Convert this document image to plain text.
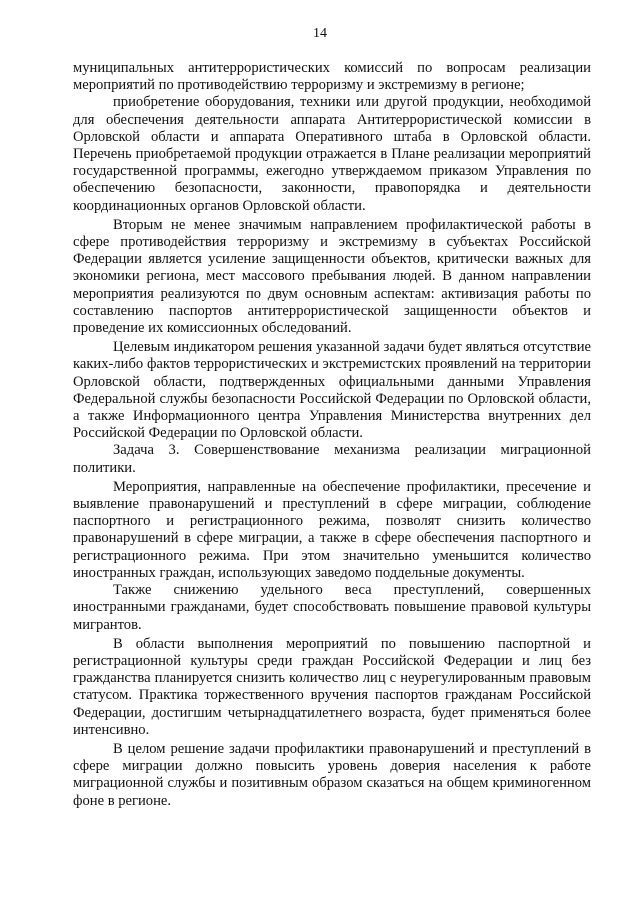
14

муниципальных антитеррористических комиссий по вопросам реализации мероприятий по противодействию терроризму и экстремизму в регионе;

приобретение оборудования, техники или другой продукции, необходимой для обеспечения деятельности аппарата Антитеррористической комиссии в Орловской области и аппарата Оперативного штаба в Орловской области. Перечень приобретаемой продукции отражается в Плане реализации мероприятий государственной программы, ежегодно утверждаемом приказом Управления по обеспечению безопасности, законности, правопорядка и деятельности координационных органов Орловской области.

Вторым не менее значимым направлением профилактической работы в сфере противодействия терроризму и экстремизму в субъектах Российской Федерации является усиление защищенности объектов, критически важных для экономики региона, мест массового пребывания людей. В данном направлении мероприятия реализуются по двум основным аспектам: активизация работы по составлению паспортов антитеррористической защищенности объектов и проведение их комиссионных обследований.

Целевым индикатором решения указанной задачи будет являться отсутствие каких-либо фактов террористических и экстремистских проявлений на территории Орловской области, подтвержденных официальными данными Управления Федеральной службы безопасности Российской Федерации по Орловской области, а также Информационного центра Управления Министерства внутренних дел Российской Федерации по Орловской области.

Задача 3. Совершенствование механизма реализации миграционной политики.

Мероприятия, направленные на обеспечение профилактики, пресечение и выявление правонарушений и преступлений в сфере миграции, соблюдение паспортного и регистрационного режима, позволят снизить количество правонарушений в сфере миграции, а также в сфере обеспечения паспортного и регистрационного режима. При этом значительно уменьшится количество иностранных граждан, использующих заведомо поддельные документы.

Также снижению удельного веса преступлений, совершенных иностранными гражданами, будет способствовать повышение правовой культуры мигрантов.

В области выполнения мероприятий по повышению паспортной и регистрационной культуры среди граждан Российской Федерации и лиц без гражданства планируется снизить количество лиц с неурегулированным правовым статусом. Практика торжественного вручения паспортов гражданам Российской Федерации, достигшим четырнадцатилетнего возраста, будет применяться более интенсивно.

В целом решение задачи профилактики правонарушений и преступлений в сфере миграции должно повысить уровень доверия населения к работе миграционной службы и позитивным образом сказаться на общем криминогенном фоне в регионе.
